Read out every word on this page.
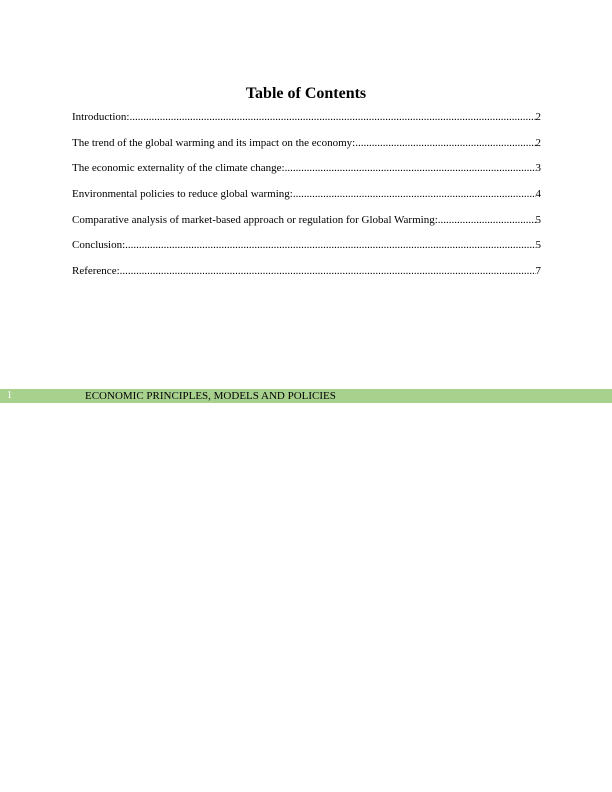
Table of Contents
Introduction: .....	2
The trend of the global warming and its impact on the economy: .....	2
The economic externality of the climate change: .....	3
Environmental policies to reduce global warming: .....	4
Comparative analysis of market-based approach or regulation for Global Warming: .....	5
Conclusion: .....	5
Reference: .....	7
1	ECONOMIC PRINCIPLES, MODELS AND POLICIES
